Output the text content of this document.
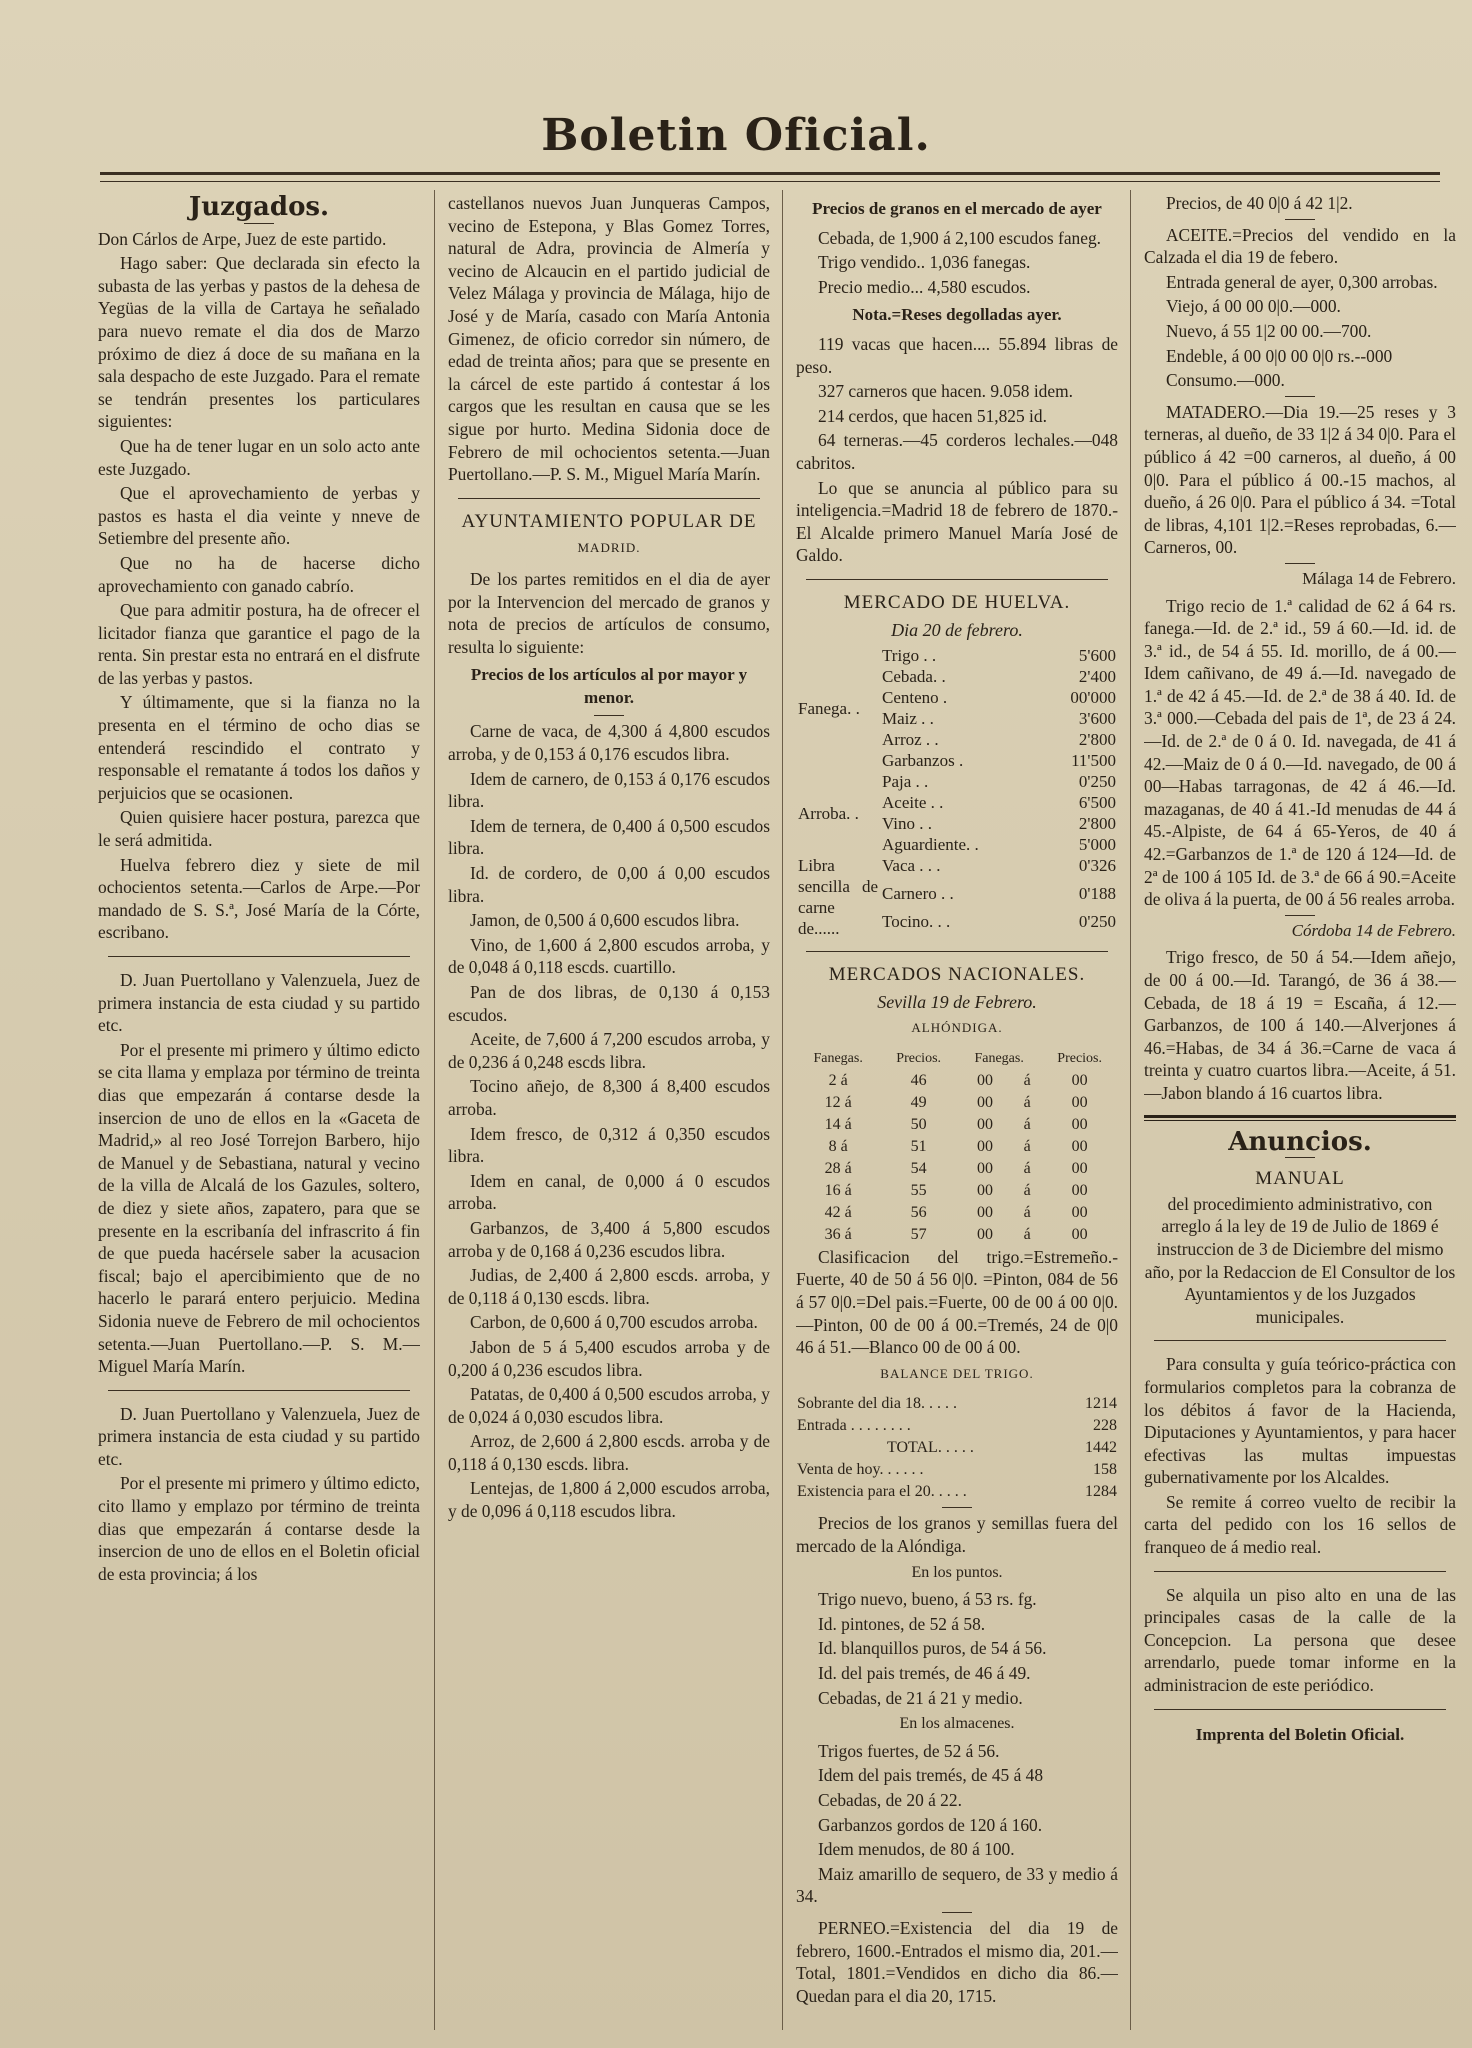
Boletin Oficial.
Juzgados.

Don Cárlos de Arpe, Juez de este partido.

Hago saber: Que declarada sin efecto la subasta de las yerbas y pastos de la dehesa de Yegüas de la villa de Cartaya he señalado para nuevo remate el dia dos de Marzo próximo de diez á doce de su mañana en la sala despacho de este Juzgado. Para el remate se tendrán presentes los particulares siguientes:

Que ha de tener lugar en un solo acto ante este Juzgado.

Que el aprovechamiento de yerbas y pastos es hasta el dia veinte y nneve de Setiembre del presente año.

Que no ha de hacerse dicho aprovechamiento con ganado cabrío.

Que para admitir postura, ha de ofrecer el licitador fianza que garantice el pago de la renta. Sin prestar esta no entrará en el disfrute de las yerbas y pastos.

Y últimamente, que si la fianza no la presenta en el término de ocho dias se entenderá rescindido el contrato y responsable el rematante á todos los daños y perjuicios que se ocasionen.

Quien quisiere hacer postura, parezca que le será admitida.

Huelva febrero diez y siete de mil ochocientos setenta.—Carlos de Arpe.—Por mandado de S. S.ª, José María de la Córte, escribano.

D. Juan Puertollano y Valenzuela, Juez de primera instancia de esta ciudad y su partido etc.

Por el presente mi primero y último edicto se cita llama y emplaza por término de treinta dias que empezarán á contarse desde la insercion de uno de ellos en la «Gaceta de Madrid,» al reo José Torrejon Barbero, hijo de Manuel y de Sebastiana, natural y vecino de la villa de Alcalá de los Gazules, soltero, de diez y siete años, zapatero, para que se presente en la escribanía del infrascrito á fin de que pueda hacérsele saber la acusacion fiscal; bajo el apercibimiento que de no hacerlo le parará entero perjuicio. Medina Sidonia nueve de Febrero de mil ochocientos setenta.—Juan Puertollano.—P. S. M.—Miguel María Marín.

D. Juan Puertollano y Valenzuela, Juez de primera instancia de esta ciudad y su partido etc.

Por el presente mi primero y último edicto, cito llamo y emplazo por término de treinta dias que empezarán á contarse desde la insercion de uno de ellos en el Boletin oficial de esta provincia; á los

castellanos nuevos Juan Junqueras Campos, vecino de Estepona, y Blas Gomez Torres, natural de Adra, provincia de Almería y vecino de Alcaucin en el partido judicial de Velez Málaga y provincia de Málaga, hijo de José y de María, casado con María Antonia Gimenez, de oficio corredor sin número, de edad de treinta años; para que se presente en la cárcel de este partido á contestar á los cargos que les resultan en causa que se les sigue por hurto. Medina Sidonia doce de Febrero de mil ochocientos setenta.—Juan Puertollano.—P. S. M., Miguel María Marín.

AYUNTAMIENTO POPULAR DE
MADRID.

De los partes remitidos en el dia de ayer por la Intervencion del mercado de granos y nota de precios de artículos de consumo, resulta lo siguiente:

Precios de los artículos al por mayor y menor.

Carne de vaca, de 4,300 á 4,800 escudos arroba, y de 0,153 á 0,176 escudos libra.

Idem de carnero, de 0,153 á 0,176 escudos libra.

Idem de ternera, de 0,400 á 0,500 escudos libra.

Id. de cordero, de 0,00 á 0,00 escudos libra.

Jamon, de 0,500 á 0,600 escudos libra.

Vino, de 1,600 á 2,800 escudos arroba, y de 0,048 á 0,118 escds. cuartillo.

Pan de dos libras, de 0,130 á 0,153 escudos.

Aceite, de 7,600 á 7,200 escudos arroba, y de 0,236 á 0,248 escds libra.

Tocino añejo, de 8,300 á 8,400 escudos arroba.

Idem fresco, de 0,312 á 0,350 escudos libra.

Idem en canal, de 0,000 á 0 escudos arroba.

Garbanzos, de 3,400 á 5,800 escudos arroba y de 0,168 á 0,236 escudos libra.

Judias, de 2,400 á 2,800 escds. arroba, y de 0,118 á 0,130 escds. libra.

Carbon, de 0,600 á 0,700 escudos arroba.

Jabon de 5 á 5,400 escudos arroba y de 0,200 á 0,236 escudos libra.

Patatas, de 0,400 á 0,500 escudos arroba, y de 0,024 á 0,030 escudos libra.

Arroz, de 2,600 á 2,800 escds. arroba y de 0,118 á 0,130 escds. libra.

Lentejas, de 1,800 á 2,000 escudos arroba, y de 0,096 á 0,118 escudos libra.

Precios de granos en el mercado de ayer

Cebada, de 1,900 á 2,100 escudos faneg.

Trigo vendido.. 1,036 fanegas.

Precio medio... 4,580 escudos.

Nota.=Reses degolladas ayer.

119 vacas que hacen.... 55.894 libras de peso.

327 carneros que hacen. 9.058 idem.

214 cerdos, que hacen 51,825 id.

64 terneras.—45 corderos lechales.—048 cabritos.

Lo que se anuncia al público para su inteligencia.=Madrid 18 de febrero de 1870.-El Alcalde primero Manuel María José de Galdo.

MERCADO DE HUELVA.
Dia 20 de febrero.
Fanega. .	Trigo . .	5'600
	Cebada. .	2'400
	Centeno .	00'000
	Maiz . .	3'600
	Arroz . .	2'800
	Garbanzos .	11'500
Arroba. .	Paja . .	0'250
	Aceite . .	6'500
	Vino . .	2'800
	Aguardiente. .	5'000
Libra sencilla de carne de......	Vaca . . .	0'326
	Carnero . .	0'188
	Tocino. . .	0'250
MERCADOS NACIONALES.
Sevilla 19 de Febrero.
ALHÓNDIGA.
Fanegas.	Precios.	Fanegas.		Precios.
2 á	46	00	á	00
12 á	49	00	á	00
14 á	50	00	á	00
8 á	51	00	á	00
28 á	54	00	á	00
16 á	55	00	á	00
42 á	56	00	á	00
36 á	57	00	á	00

Clasificacion del trigo.=Estremeño.-Fuerte, 40 de 50 á 56 0|0. =Pinton, 084 de 56 á 57 0|0.=Del pais.=Fuerte, 00 de 00 á 00 0|0.—Pinton, 00 de 00 á 00.=Tremés, 24 de 0|0 46 á 51.—Blanco 00 de 00 á 00.

BALANCE DEL TRIGO.
Sobrante del dia 18. . . . .	1214
Entrada . . . . . . . .	228
TOTAL. . . . .	1442
Venta de hoy. . . . . .	158
Existencia para el 20. . . . .	1284

Precios de los granos y semillas fuera del mercado de la Alóndiga.

En los puntos.

Trigo nuevo, bueno, á 53 rs. fg.

Id. pintones, de 52 á 58.

Id. blanquillos puros, de 54 á 56.

Id. del pais tremés, de 46 á 49.

Cebadas, de 21 á 21 y medio.

En los almacenes.

Trigos fuertes, de 52 á 56.

Idem del pais tremés, de 45 á 48

Cebadas, de 20 á 22.

Garbanzos gordos de 120 á 160.

Idem menudos, de 80 á 100.

Maiz amarillo de sequero, de 33 y medio á 34.

PERNEO.=Existencia del dia 19 de febrero, 1600.-Entrados el mismo dia, 201.—Total, 1801.=Vendidos en dicho dia 86.—Quedan para el dia 20, 1715.

Precios, de 40 0|0 á 42 1|2.

ACEITE.=Precios del vendido en la Calzada el dia 19 de febero.

Entrada general de ayer, 0,300 arrobas.

Viejo, á 00 00 0|0.—000.

Nuevo, á 55 1|2 00 00.—700.

Endeble, á 00 0|0 00 0|0 rs.--000

Consumo.—000.

MATADERO.—Dia 19.—25 reses y 3 terneras, al dueño, de 33 1|2 á 34 0|0. Para el público á 42 =00 carneros, al dueño, á 00 0|0. Para el público á 00.-15 machos, al dueño, á 26 0|0. Para el público á 34. =Total de libras, 4,101 1|2.=Reses reprobadas, 6.—Carneros, 00.

Málaga 14 de Febrero.

Trigo recio de 1.ª calidad de 62 á 64 rs. fanega.—Id. de 2.ª id., 59 á 60.—Id. id. de 3.ª id., de 54 á 55. Id. morillo, de á 00.—Idem cañivano, de 49 á.—Id. navegado de 1.ª de 42 á 45.—Id. de 2.ª de 38 á 40. Id. de 3.ª 000.—Cebada del pais de 1ª, de 23 á 24.—Id. de 2.ª de 0 á 0. Id. navegada, de 41 á 42.—Maiz de 0 á 0.—Id. navegado, de 00 á 00—Habas tarragonas, de 42 á 46.—Id. mazaganas, de 40 á 41.-Id menudas de 44 á 45.-Alpiste, de 64 á 65-Yeros, de 40 á 42.=Garbanzos de 1.ª de 120 á 124—Id. de 2ª de 100 á 105 Id. de 3.ª de 66 á 90.=Aceite de oliva á la puerta, de 00 á 56 reales arroba.

Córdoba 14 de Febrero.

Trigo fresco, de 50 á 54.—Idem añejo, de 00 á 00.—Id. Tarangó, de 36 á 38.—Cebada, de 18 á 19 = Escaña, á 12.—Garbanzos, de 100 á 140.—Alverjones á 46.=Habas, de 34 á 36.=Carne de vaca á treinta y cuatro cuartos libra.—Aceite, á 51.—Jabon blando á 16 cuartos libra.

Anuncios.
MANUAL

del procedimiento administrativo, con arreglo á la ley de 19 de Julio de 1869 é instruccion de 3 de Diciembre del mismo año, por la Redaccion de El Consultor de los Ayuntamientos y de los Juzgados municipales.

Para consulta y guía teórico-práctica con formularios completos para la cobranza de los débitos á favor de la Hacienda, Diputaciones y Ayuntamientos, y para hacer efectivas las multas impuestas gubernativamente por los Alcaldes.

Se remite á correo vuelto de recibir la carta del pedido con los 16 sellos de franqueo de á medio real.

Se alquila un piso alto en una de las principales casas de la calle de la Concepcion. La persona que desee arrendarlo, puede tomar informe en la administracion de este periódico.

Imprenta del Boletin Oficial.
